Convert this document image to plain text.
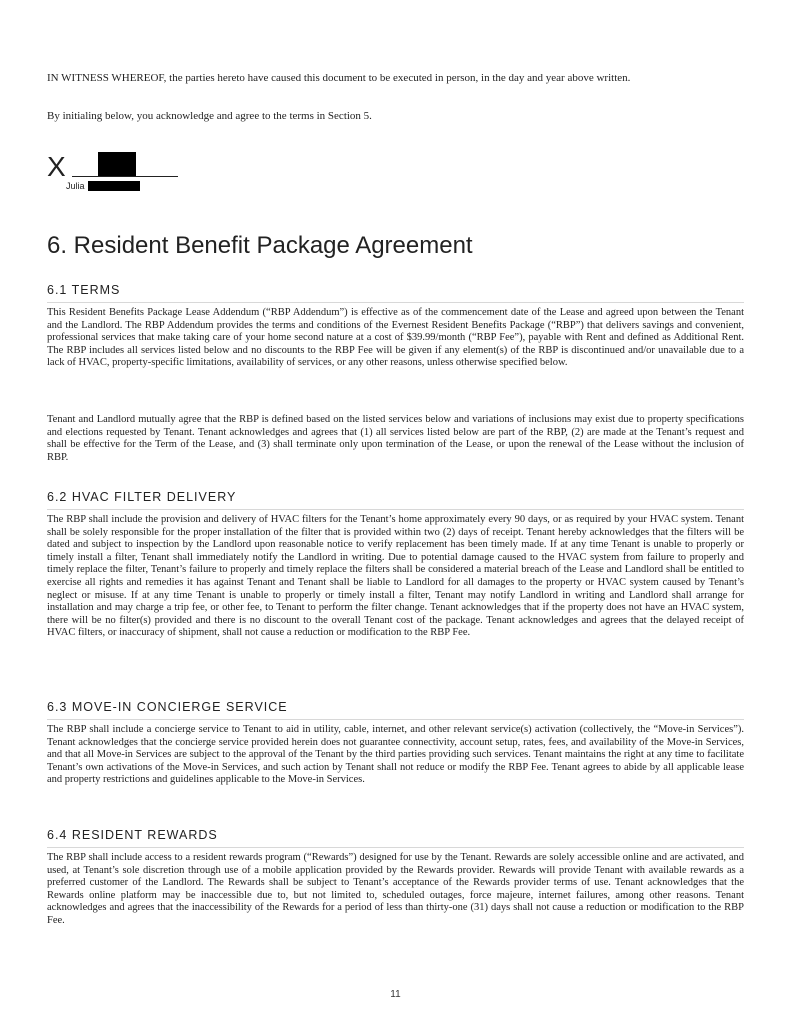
IN WITNESS WHEREOF, the parties hereto have caused this document to be executed in person, in the day and year above written.
By initialing below, you acknowledge and agree to the terms in Section 5.
X
Julia
6. Resident Benefit Package Agreement
6.1 TERMS

This Resident Benefits Package Lease Addendum (“RBP Addendum”) is effective as of the commencement date of the Lease and agreed upon between the Tenant and the Landlord. The RBP Addendum provides the terms and conditions of the Evernest Resident Benefits Package (“RBP”) that delivers savings and convenient, professional services that make taking care of your home second nature at a cost of $39.99/month (“RBP Fee”), payable with Rent and defined as Additional Rent. The RBP includes all services listed below and no discounts to the RBP Fee will be given if any element(s) of the RBP is discontinued and/or unavailable due to a lack of HVAC, property-specific limitations, availability of services, or any other reasons, unless otherwise specified below.

Tenant and Landlord mutually agree that the RBP is defined based on the listed services below and variations of inclusions may exist due to property specifications and elections requested by Tenant. Tenant acknowledges and agrees that (1) all services listed below are part of the RBP, (2) are made at the Tenant’s request and shall be effective for the Term of the Lease, and (3) shall terminate only upon termination of the Lease, or upon the renewal of the Lease without the inclusion of RBP.

6.2 HVAC FILTER DELIVERY

The RBP shall include the provision and delivery of HVAC filters for the Tenant’s home approximately every 90 days, or as required by your HVAC system. Tenant shall be solely responsible for the proper installation of the filter that is provided within two (2) days of receipt. Tenant hereby acknowledges that the filters will be dated and subject to inspection by the Landlord upon reasonable notice to verify replacement has been timely made. If at any time Tenant is unable to properly or timely install a filter, Tenant shall immediately notify the Landlord in writing. Due to potential damage caused to the HVAC system from failure to properly and timely replace the filter, Tenant’s failure to properly and timely replace the filters shall be considered a material breach of the Lease and Landlord shall be entitled to exercise all rights and remedies it has against Tenant and Tenant shall be liable to Landlord for all damages to the property or HVAC system caused by Tenant’s neglect or misuse. If at any time Tenant is unable to properly or timely install a filter, Tenant may notify Landlord in writing and Landlord shall arrange for installation and may charge a trip fee, or other fee, to Tenant to perform the filter change. Tenant acknowledges that if the property does not have an HVAC system, there will be no filter(s) provided and there is no discount to the overall Tenant cost of the package. Tenant acknowledges and agrees that the delayed receipt of HVAC filters, or inaccuracy of shipment, shall not cause a reduction or modification to the RBP Fee.

6.3 MOVE-IN CONCIERGE SERVICE

The RBP shall include a concierge service to Tenant to aid in utility, cable, internet, and other relevant service(s) activation (collectively, the “Move-in Services”). Tenant acknowledges that the concierge service provided herein does not guarantee connectivity, account setup, rates, fees, and availability of the Move-in Services, and that all Move-in Services are subject to the approval of the Tenant by the third parties providing such services. Tenant maintains the right at any time to facilitate Tenant’s own activations of the Move-in Services, and such action by Tenant shall not reduce or modify the RBP Fee. Tenant agrees to abide by all applicable lease and property restrictions and guidelines applicable to the Move-in Services.

6.4 RESIDENT REWARDS

The RBP shall include access to a resident rewards program (“Rewards”) designed for use by the Tenant. Rewards are solely accessible online and are activated, and used, at Tenant’s sole discretion through use of a mobile application provided by the Rewards provider. Rewards will provide Tenant with available rewards as a preferred customer of the Landlord. The Rewards shall be subject to Tenant’s acceptance of the Rewards provider terms of use. Tenant acknowledges that the Rewards online platform may be inaccessible due to, but not limited to, scheduled outages, force majeure, internet failures, among other reasons. Tenant acknowledges and agrees that the inaccessibility of the Rewards for a period of less than thirty-one (31) days shall not cause a reduction or modification to the RBP Fee.

11
